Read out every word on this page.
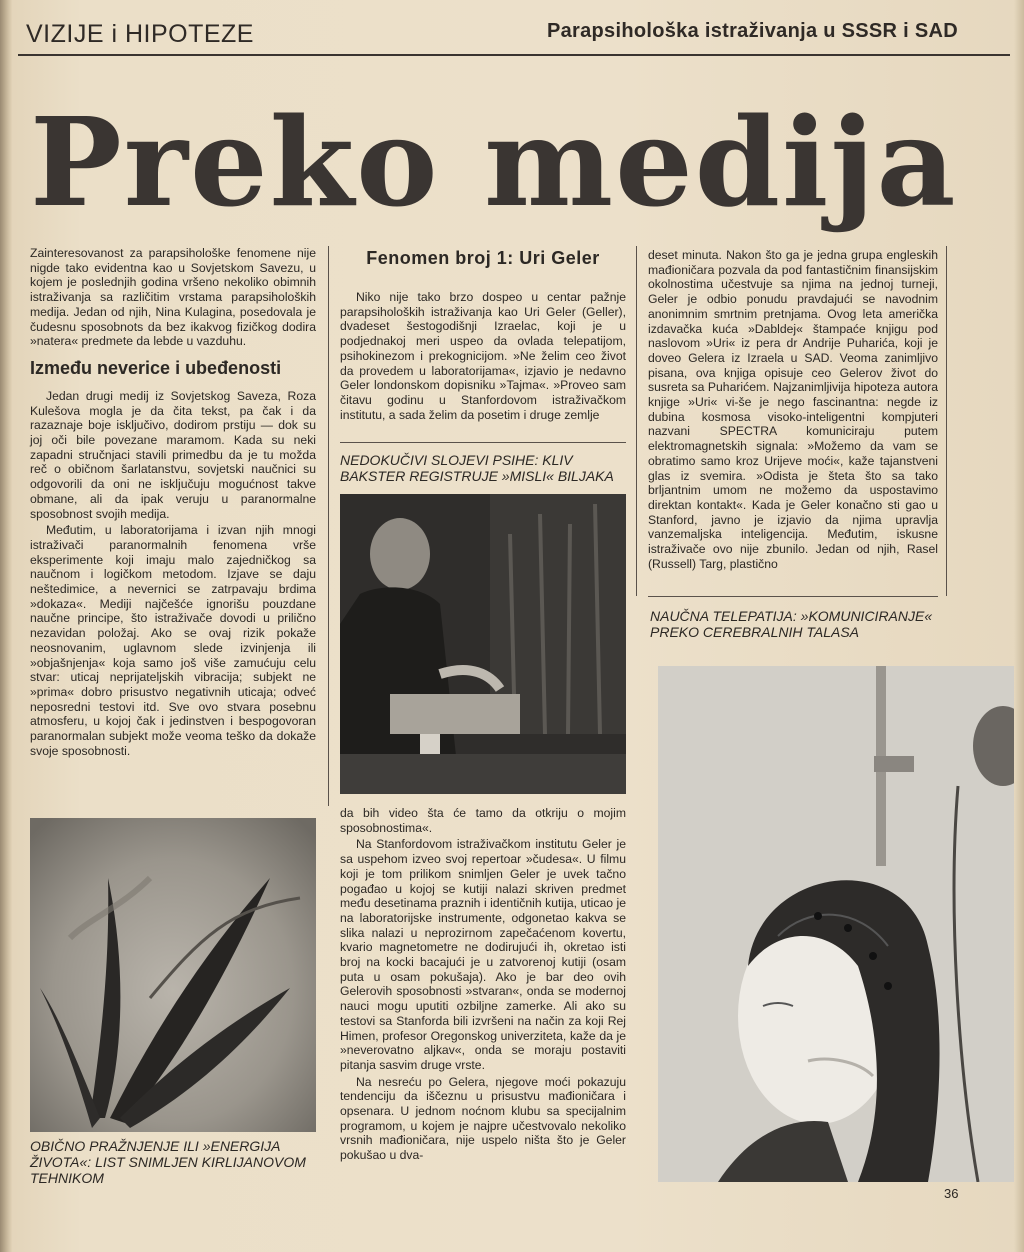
VIZIJE i HIPOTEZE	Parapsihološka istraživanja u SSSR i SAD
Preko medija

Zainteresovanost za parapsihološke fenomene nije nigde tako evidentna kao u Sovjetskom Savezu, u kojem je poslednjih godina vršeno nekoliko obimnih istraživanja sa različitim vrstama parapsiholoških medija. Jedan od njih, Nina Kulagina, posedovala je čudesnu sposobnots da bez ikakvog fizičkog dodira »natera« predmete da lebde u vazduhu.

Između neverice i ubeđenosti

Jedan drugi medij iz Sovjetskog Saveza, Roza Kulešova mogla je da čita tekst, pa čak i da razaznaje boje isključivo, dodirom prstiju — dok su joj oči bile povezane maramom. Kada su neki zapadni stručnjaci stavili primedbu da je tu možda reč o običnom šarlatanstvu, sovjetski naučnici su odgovorili da oni ne isključuju mogućnost takve obmane, ali da ipak veruju u paranormalne sposobnost svojih medija.

Međutim, u laboratorijama i izvan njih mnogi istraživači paranormalnih fenomena vrše eksperimente koji imaju malo zajedničkog sa naučnom i logičkom metodom. Izjave se daju neštedimice, a nevernici se zatrpavaju brdima »dokaza«. Mediji najčešće ignorišu pouzdane naučne principe, što istraživače dovodi u prilično nezavidan položaj. Ako se ovaj rizik pokaže neosnovanim, uglavnom slede izvinjenja ili »objašnjenja« koja samo još više zamućuju celu stvar: uticaj neprijateljskih vibracija; subjekt ne »prima« dobro prisustvo negativnih uticaja; odveć neposredni testovi itd. Sve ovo stvara posebnu atmosferu, u kojoj čak i jedinstven i bespogovoran paranormalan subjekt može veoma teško da dokaže svoje sposobnosti.

OBIČNO PRAŽNJENJE ILI »ENERGIJA ŽIVOTA«: LIST SNIMLJEN KIRLIJANOVOM TEHNIKOM
Fenomen broj 1: Uri Geler

Niko nije tako brzo dospeo u centar pažnje parapsiholoških istraživanja kao Uri Geler (Geller), dvadeset šestogodišnji Izraelac, koji je u podjednakoj meri uspeo da ovlada telepatijom, psihokinezom i prekognicijom. »Ne želim ceo život da provedem u laboratorijama«, izjavio je nedavno Geler londonskom dopisniku »Tajma«. »Proveo sam čitavu godinu u Stanfordovom istraživačkom institutu, a sada želim da posetim i druge zemlje

NEDOKUČIVI SLOJEVI PSIHE: KLIV BAKSTER REGISTRUJE »MISLI« BILJAKA

da bih video šta će tamo da otkriju o mojim sposobnostima«.

Na Stanfordovom istraživačkom institutu Geler je sa uspehom izveo svoj repertoar »čudesa«. U filmu koji je tom prilikom snimljen Geler je uvek tačno pogađao u kojoj se kutiji nalazi skriven predmet među desetinama praznih i identičnih kutija, uticao je na laboratorijske instrumente, odgonetao kakva se slika nalazi u neprozirnom zapečaćenom kovertu, kvario magnetometre ne dodirujući ih, okretao isti broj na kocki bacajući je u zatvorenoj kutiji (osam puta u osam pokušaja). Ako je bar deo ovih Gelerovih sposobnosti »stvaran«, onda se modernoj nauci mogu uputiti ozbiljne zamerke. Ali ako su testovi sa Stanforda bili izvršeni na način za koji Rej Himen, profesor Oregonskog univerziteta, kaže da je »neverovatno aljkav«, onda se moraju postaviti pitanja sasvim druge vrste.

Na nesreću po Gelera, njegove moći pokazuju tendenciju da iščeznu u prisustvu mađioničara i opsenara. U jednom noćnom klubu sa specijalnim programom, u kojem je najpre učestvovalo nekoliko vrsnih mađioničara, nije uspelo ništa što je Geler pokušao u dva-

deset minuta. Nakon što ga je jedna grupa engleskih mađioničara pozvala da pod fantastičnim finansijskim okolnostima učestvuje sa njima na jednoj turneji, Geler je odbio ponudu pravdajući se navodnim anonimnim smrtnim pretnjama. Ovog leta američka izdavačka kuća »Dabldej« štampaće knjigu pod naslovom »Uri« iz pera dr Andrije Puharića, koji je doveo Gelera iz Izraela u SAD. Veoma zanimljivo pisana, ova knjiga opisuje ceo Gelerov život do susreta sa Puharićem. Najzanimljivija hipoteza autora knjige »Uri« vi-še je nego fascinantna: negde iz dubina kosmosa visoko-inteligentni kompjuteri nazvani SPECTRA komuniciraju putem elektromagnetskih signala: »Možemo da vam se obratimo samo kroz Urijeve moći«, kaže tajanstveni glas iz svemira. »Odista je šteta što sa tako brljantnim umom ne možemo da uspostavimo direktan kontakt«. Kada je Geler konačno sti gao u Stanford, javno je izjavio da njima upravlja vanzemaljska inteligencija. Međutim, iskusne istraživače ovo nije zbunilo. Jedan od njih, Rasel (Russell) Targ, plastično

NAUČNA TELEPATIJA: »KOMUNICIRANJE« PREKO CEREBRALNIH TALASA
36
